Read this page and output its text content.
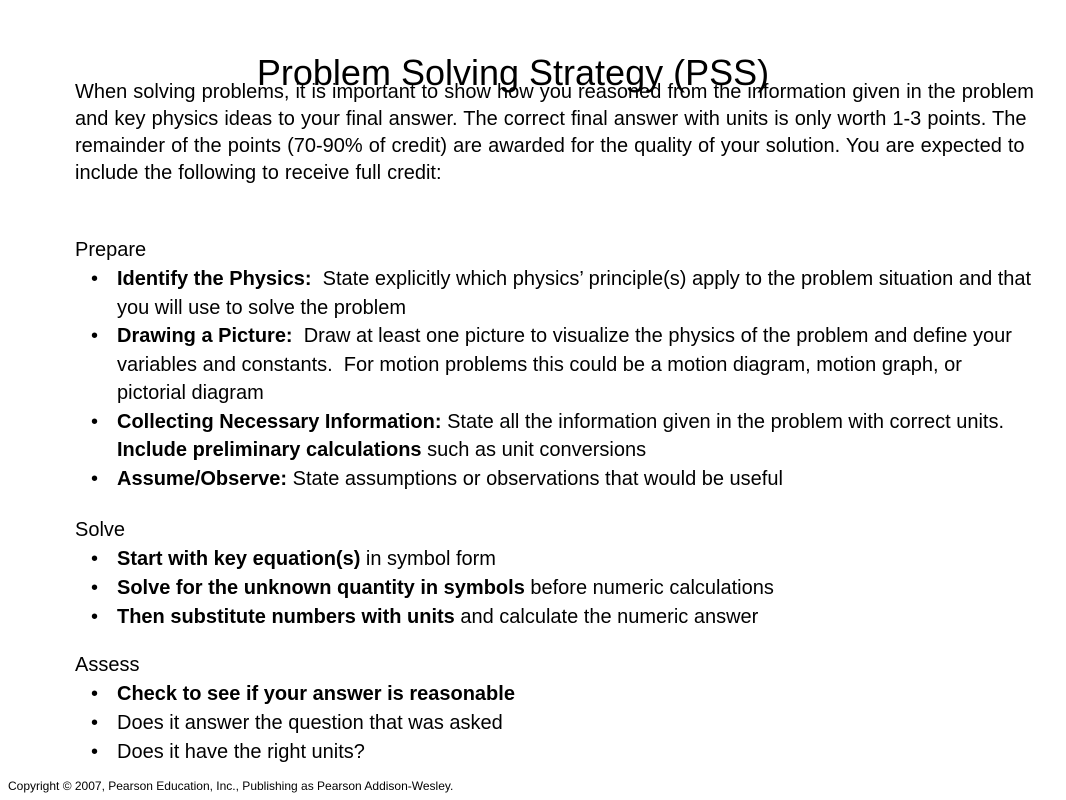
Problem Solving Strategy (PSS)

When solving problems, it is important to show how you reasoned from the information given in the problem and key physics ideas to your final answer. The correct final answer with units is only worth 1-3 points. The remainder of the points (70-90% of credit) are awarded for the quality of your solution. You are expected to include the following to receive full credit:

Prepare
• Identify the Physics:  State explicitly which physics’ principle(s) apply to the problem situation and that you will use to solve the problem
• Drawing a Picture:  Draw at least one picture to visualize the physics of the problem and define your variables and constants.  For motion problems this could be a motion diagram, motion graph, or pictorial diagram
• Collecting Necessary Information: State all the information given in the problem with correct units.  Include preliminary calculations such as unit conversions
• Assume/Observe: State assumptions or observations that would be useful
Solve
• Start with key equation(s) in symbol form
• Solve for the unknown quantity in symbols before numeric calculations
• Then substitute numbers with units and calculate the numeric answer
Assess
• Check to see if your answer is reasonable
• Does it answer the question that was asked
• Does it have the right units?
Copyright © 2007, Pearson Education, Inc., Publishing as Pearson Addison-Wesley.
